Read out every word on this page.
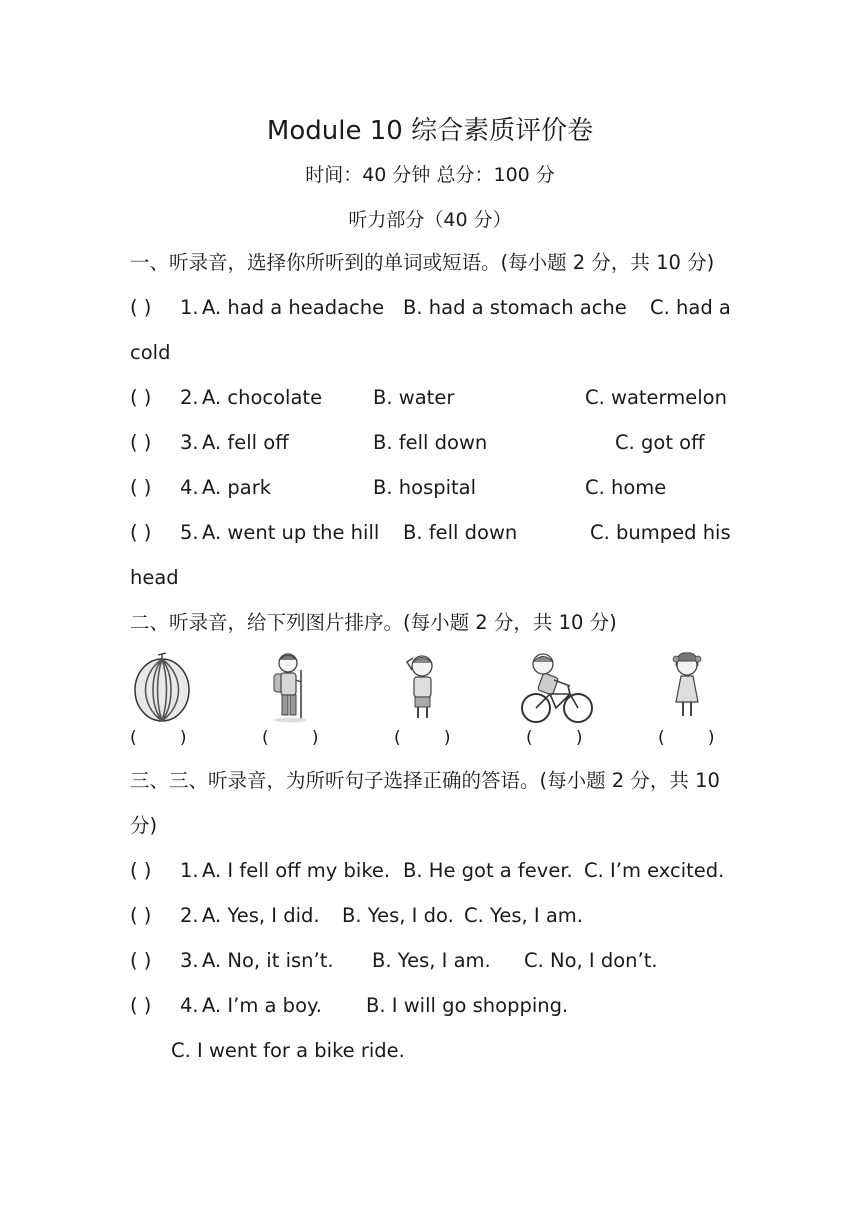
Module 10 综合素质评价卷
时间：40 分钟 总分：100 分
听力部分（40 分）
一、听录音，选择你所听到的单词或短语。(每小题 2 分，共 10 分)
( ) 1. A. had a headache B. had a stomach ache C. had a
cold
( ) 2. A. chocolate	B. water	C. watermelon
( ) 3. A. fell off	B. fell down	C. got off
( ) 4. A. park	B. hospital	C. home
( ) 5. A. went up the hill B. fell down	C. bumped his
head
二、听录音，给下列图片排序。(每小题 2 分，共 10 分)
(        )	(        )	(        )	(        )	(        )
三、三、听录音，为所听句子选择正确的答语。(每小题 2 分，共 10
分)
( ) 1. A. I fell off my bike. B. He got a fever. C. I’m excited.
( ) 2. A. Yes, I did. B. Yes, I do. C. Yes, I am.
( ) 3. A. No, it isn’t. B. Yes, I am. C. No, I don’t.
( ) 4. A. I’m a boy. B. I will go shopping.
C. I went for a bike ride.
